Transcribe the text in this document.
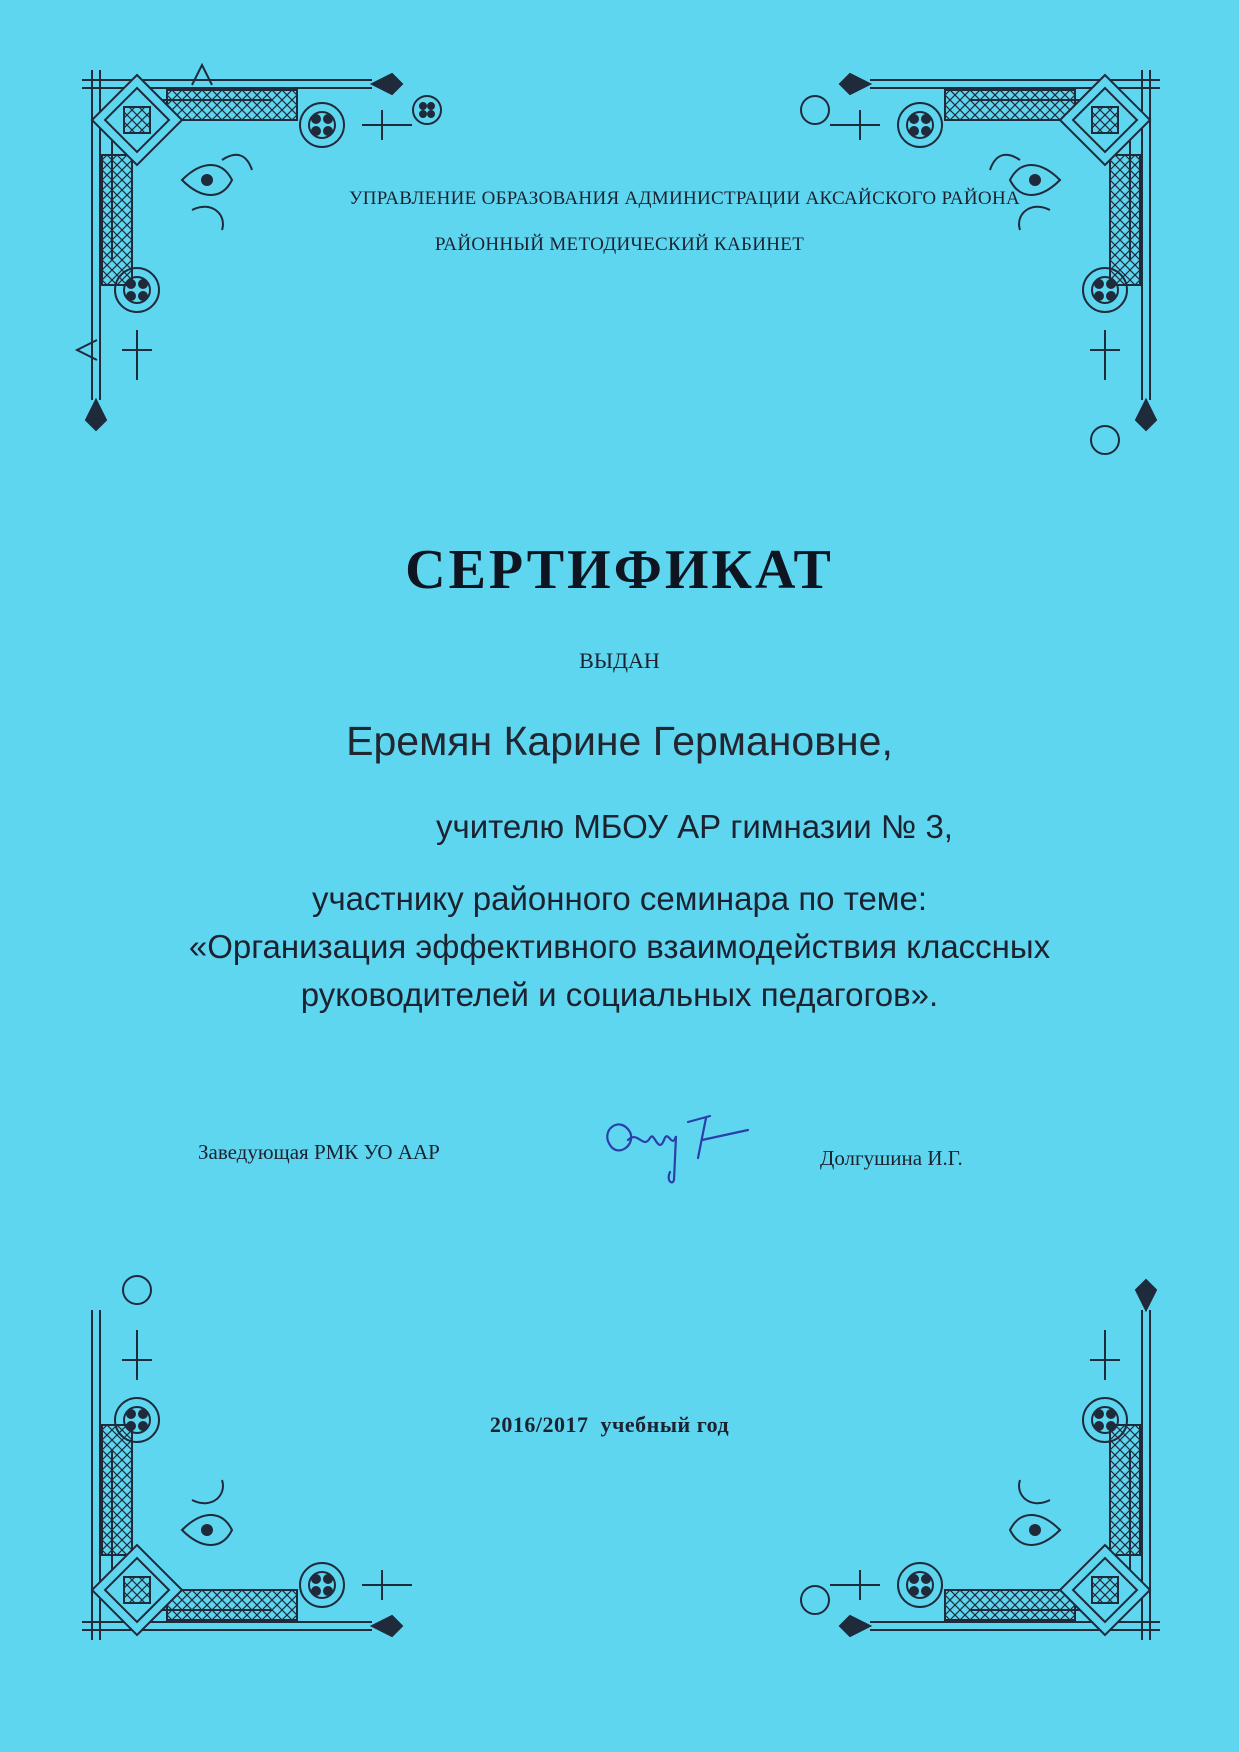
УПРАВЛЕНИЕ ОБРАЗОВАНИЯ АДМИНИСТРАЦИИ АКСАЙСКОГО РАЙОНА
РАЙОННЫЙ МЕТОДИЧЕСКИЙ КАБИНЕТ
СЕРТИФИКАТ
ВЫДАН
Еремян Карине Германовне,
учителю МБОУ АР гимназии № 3,
участнику районного семинара по теме:
«Организация эффективного взаимодействия классных
руководителей и социальных педагогов».
Заведующая РМК УО ААР	Долгушина И.Г.
2016/2017  учебный год
